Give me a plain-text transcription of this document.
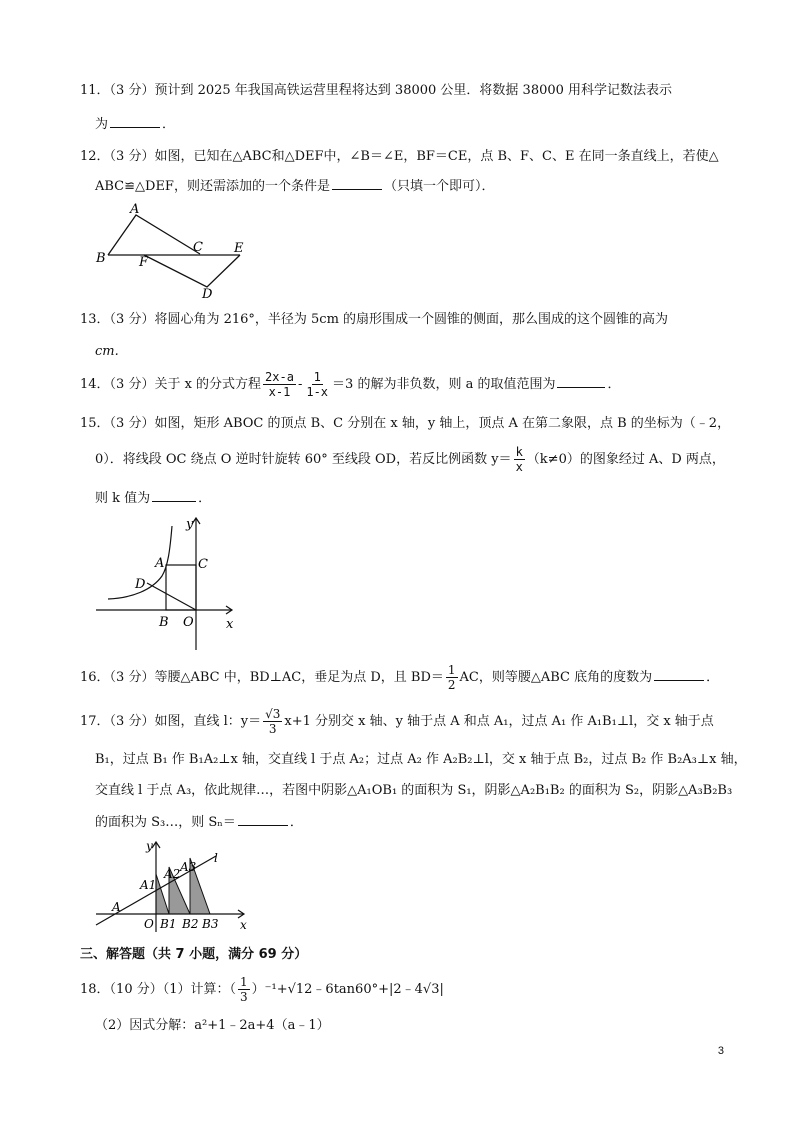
11．（3 分）预计到 2025 年我国高铁运营里程将达到 38000 公里．将数据 38000 用科学记数法表示
为	．
12．（3 分）如图，已知在△ABC和△DEF中，∠B＝∠E，BF＝CE，点 B、F、C、E 在同一条直线上，若使△
ABC≌△DEF，则还需添加的一个条件是	（只填一个即可）．
A
B
C E
F
D
13．（3 分）将圆心角为 216°，半径为 5cm 的扇形围成一个圆锥的侧面，那么围成的这个圆锥的高为
cm.
14．（3 分）关于 x 的分式方程 $\frac{2x-a}{x-1} - \frac{1}{1-x} =3$ 的解为非负数，则 a 的取值范围为	．
15．（3 分）如图，矩形 ABOC 的顶点 B、C 分别在 x 轴，y 轴上，顶点 A 在第二象限，点 B 的坐标为（﹣2，
0）．将线段 OC 绕点 O 逆时针旋转 60° 至线段 OD，若反比例函数 $y= \frac{k}{x} (k\ne 0)$的图象经过 A、D 两点，
则 k 值为	．
y
x
A	C
D
B O
16．（3 分）等腰△ABC 中，BD⊥AC，垂足为点 D，且 $BD= \frac{1}{2}$ AC，则等腰△ABC 底角的度数为	．
17．（3 分）如图，直线 l：$y= \frac{√3}{3} x+1$ 分别交 x 轴、y 轴于点 A 和点 A₁，过点 A₁ 作 A₁B₁⊥l，交 x 轴于点
B₁，过点 B₁ 作 B₁A₂⊥x 轴，交直线 l 于点 A₂；过点 A₂ 作 A₂B₂⊥l，交 x 轴于点 B₂，过点 B₂ 作 B₂A₃⊥x 轴，
交直线 l 于点 A₃，依此规律…，若图中阴影△A₁OB₁ 的面积为 S₁，阴影△A₂B₁B₂ 的面积为 S₂，阴影△A₃B₂B₃
的面积为 S₃…，则 Sₙ＝	．
y
l
A
A1
A2 A3
O B1 B2 B3 x
三、解答题（共 7 小题，满分 69 分）
18．（10 分）（1）计算：（ $\frac{1}{3}$ ）⁻¹+√12﹣6tan60°+|2﹣4√3|
（2）因式分解：a²+1﹣2a+4（a﹣1）
3
